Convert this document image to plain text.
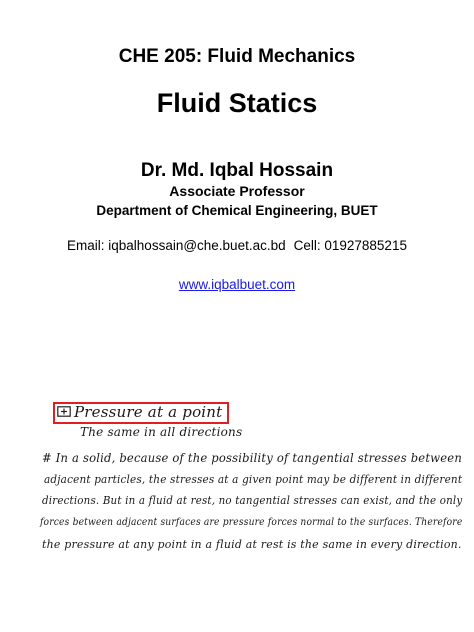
CHE 205: Fluid Mechanics
Fluid Statics
Dr. Md. Iqbal Hossain
Associate Professor
Department of Chemical Engineering, BUET
Email: iqbalhossain@che.buet.ac.bd Cell: 01927885215
www.iqbalbuet.com
Pressure at a point
The same in all directions
# In a solid, because of the possibility of tangential stresses between
adjacent particles, the stresses at a given point may be different in different
directions. But in a fluid at rest, no tangential stresses can exist, and the only
forces between adjacent surfaces are pressure forces normal to the surfaces. Therefore
the pressure at any point in a fluid at rest is the same in every direction.
